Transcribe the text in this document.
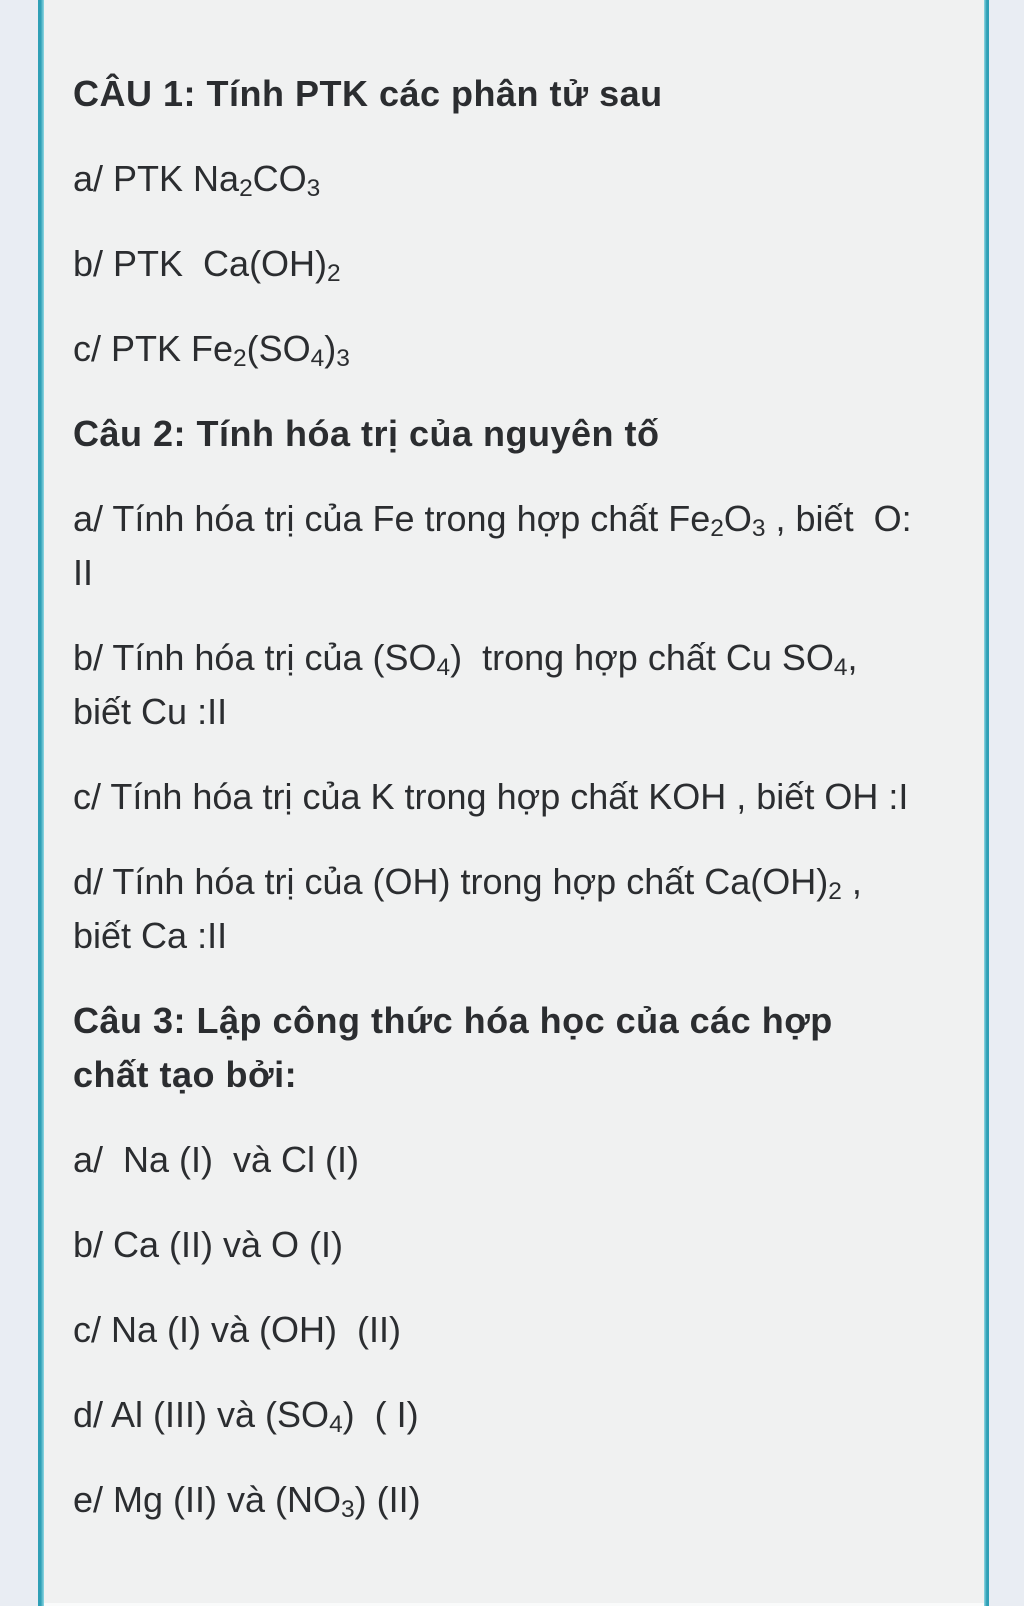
CÂU 1: Tính PTK các phân tử sau

a/ PTK $Na_2CO_3$

b/ PTK  $Ca(OH)_2$

c/ PTK $Fe_2(SO_4)_3$

Câu 2: Tính hóa trị của nguyên tố

a/ Tính hóa trị của Fe trong hợp chất $Fe_2O_3$ , biết  O:
II

b/ Tính hóa trị của $(SO_4)$  trong hợp chất Cu $SO_4$,
biết Cu :II

c/ Tính hóa trị của K trong hợp chất KOH , biết OH :I

d/ Tính hóa trị của (OH) trong hợp chất $Ca(OH)_2$ ,
biết Ca :II

Câu 3: Lập công thức hóa học của các hợp
chất tạo bởi:

a/  Na (I)  và Cl (I)

b/ Ca (II) và O (I)

c/ Na (I) và (OH)  (II)

d/ Al (III) và $(SO_4)$  ( I)

e/ Mg (II) và $(NO_3)$ (II)
